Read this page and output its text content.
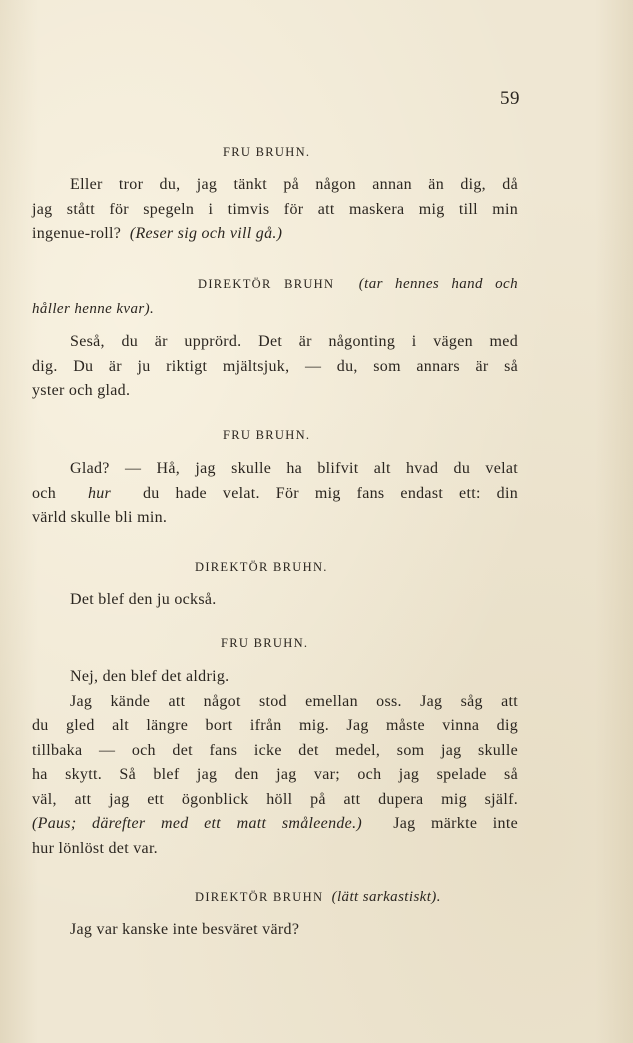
59
FRU BRUHN.
Eller tror du, jag tänkt på någon annan än dig, då
jag stått för spegeln i timvis för att maskera mig till min
ingenue-roll? (Reser sig och vill gå.)
DIREKTÖR BRUHN (tar hennes hand och
håller henne kvar).
Seså, du är upprörd. Det är någonting i vägen med
dig. Du är ju riktigt mjältsjuk, — du, som annars är så
yster och glad.
FRU BRUHN.
Glad? — Hå, jag skulle ha blifvit alt hvad du velat
och hur du hade velat. För mig fans endast ett: din
värld skulle bli min.
DIREKTÖR BRUHN.
Det blef den ju också.
FRU BRUHN.
Nej, den blef det aldrig.
Jag kände att något stod emellan oss. Jag såg att
du gled alt längre bort ifrån mig. Jag måste vinna dig
tillbaka — och det fans icke det medel, som jag skulle
ha skytt. Så blef jag den jag var; och jag spelade så
väl, att jag ett ögonblick höll på att dupera mig själf.
(Paus; därefter med ett matt småleende.) Jag märkte inte
hur lönlöst det var.
DIREKTÖR BRUHN (lätt sarkastiskt).
Jag var kanske inte besväret värd?
